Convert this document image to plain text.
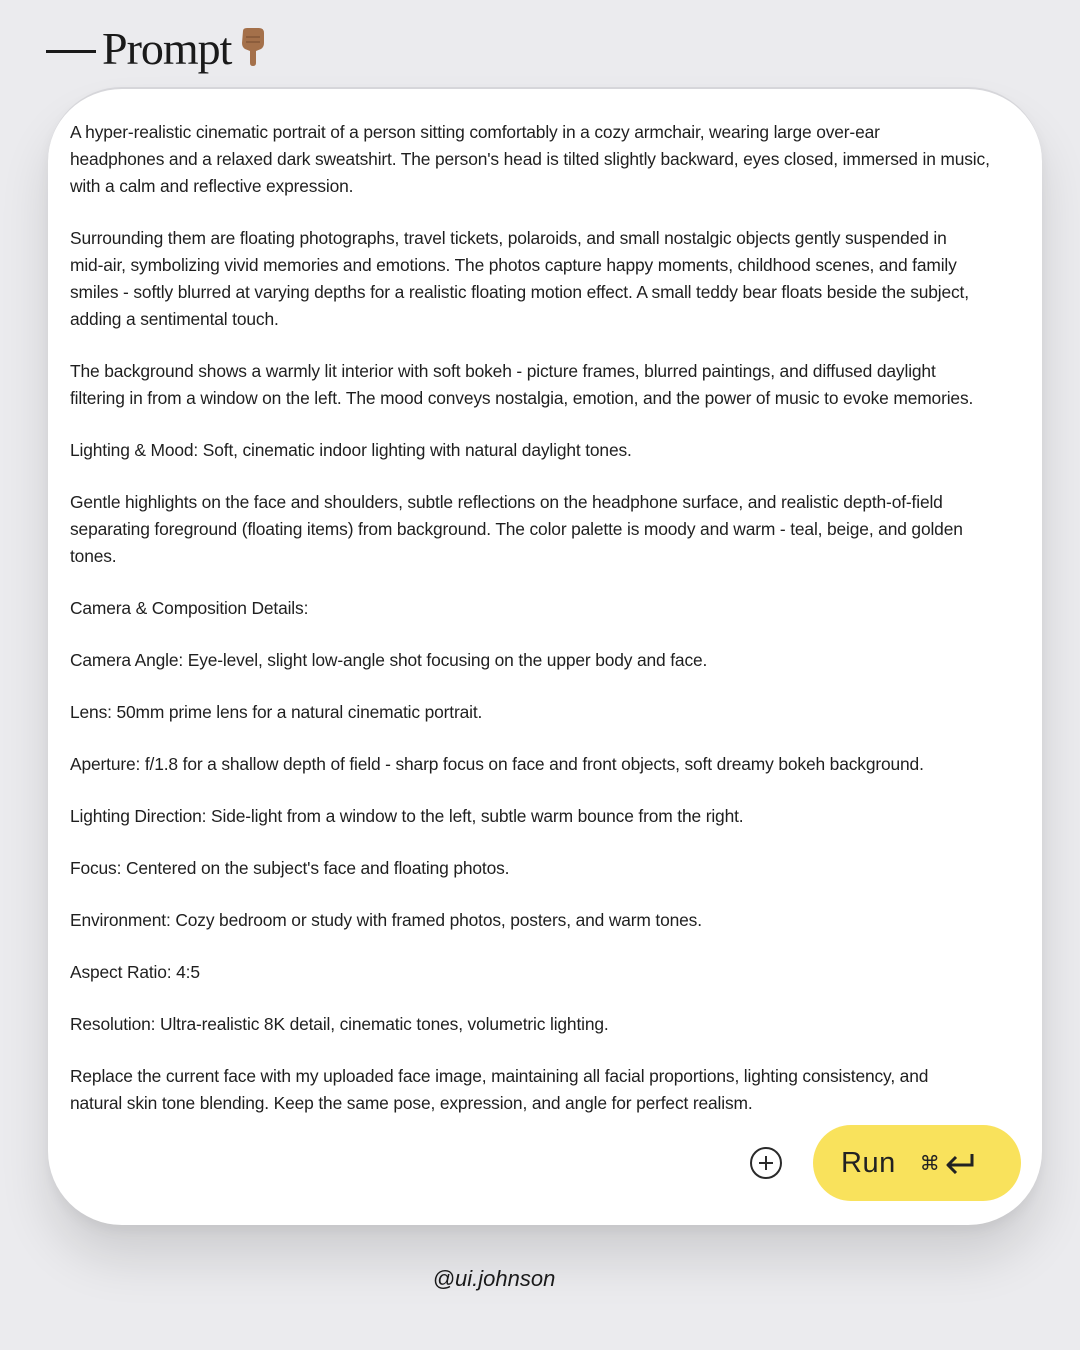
Prompt

A hyper-realistic cinematic portrait of a person sitting comfortably in a cozy armchair, wearing large over-ear
headphones and a relaxed dark sweatshirt. The person's head is tilted slightly backward, eyes closed, immersed in music,
with a calm and reflective expression.

Surrounding them are floating photographs, travel tickets, polaroids, and small nostalgic objects gently suspended in
mid-air, symbolizing vivid memories and emotions. The photos capture happy moments, childhood scenes, and family
smiles - softly blurred at varying depths for a realistic floating motion effect. A small teddy bear floats beside the subject,
adding a sentimental touch.

The background shows a warmly lit interior with soft bokeh - picture frames, blurred paintings, and diffused daylight
filtering in from a window on the left. The mood conveys nostalgia, emotion, and the power of music to evoke memories.

Lighting & Mood: Soft, cinematic indoor lighting with natural daylight tones.

Gentle highlights on the face and shoulders, subtle reflections on the headphone surface, and realistic depth-of-field
separating foreground (floating items) from background. The color palette is moody and warm - teal, beige, and golden
tones.

Camera & Composition Details:

Camera Angle: Eye-level, slight low-angle shot focusing on the upper body and face.

Lens: 50mm prime lens for a natural cinematic portrait.

Aperture: f/1.8 for a shallow depth of field - sharp focus on face and front objects, soft dreamy bokeh background.

Lighting Direction: Side-light from a window to the left, subtle warm bounce from the right.

Focus: Centered on the subject's face and floating photos.

Environment: Cozy bedroom or study with framed photos, posters, and warm tones.

Aspect Ratio: 4:5

Resolution: Ultra-realistic 8K detail, cinematic tones, volumetric lighting.

Replace the current face with my uploaded face image, maintaining all facial proportions, lighting consistency, and
natural skin tone blending. Keep the same pose, expression, and angle for perfect realism.

Run ⌘
@ui.johnson
